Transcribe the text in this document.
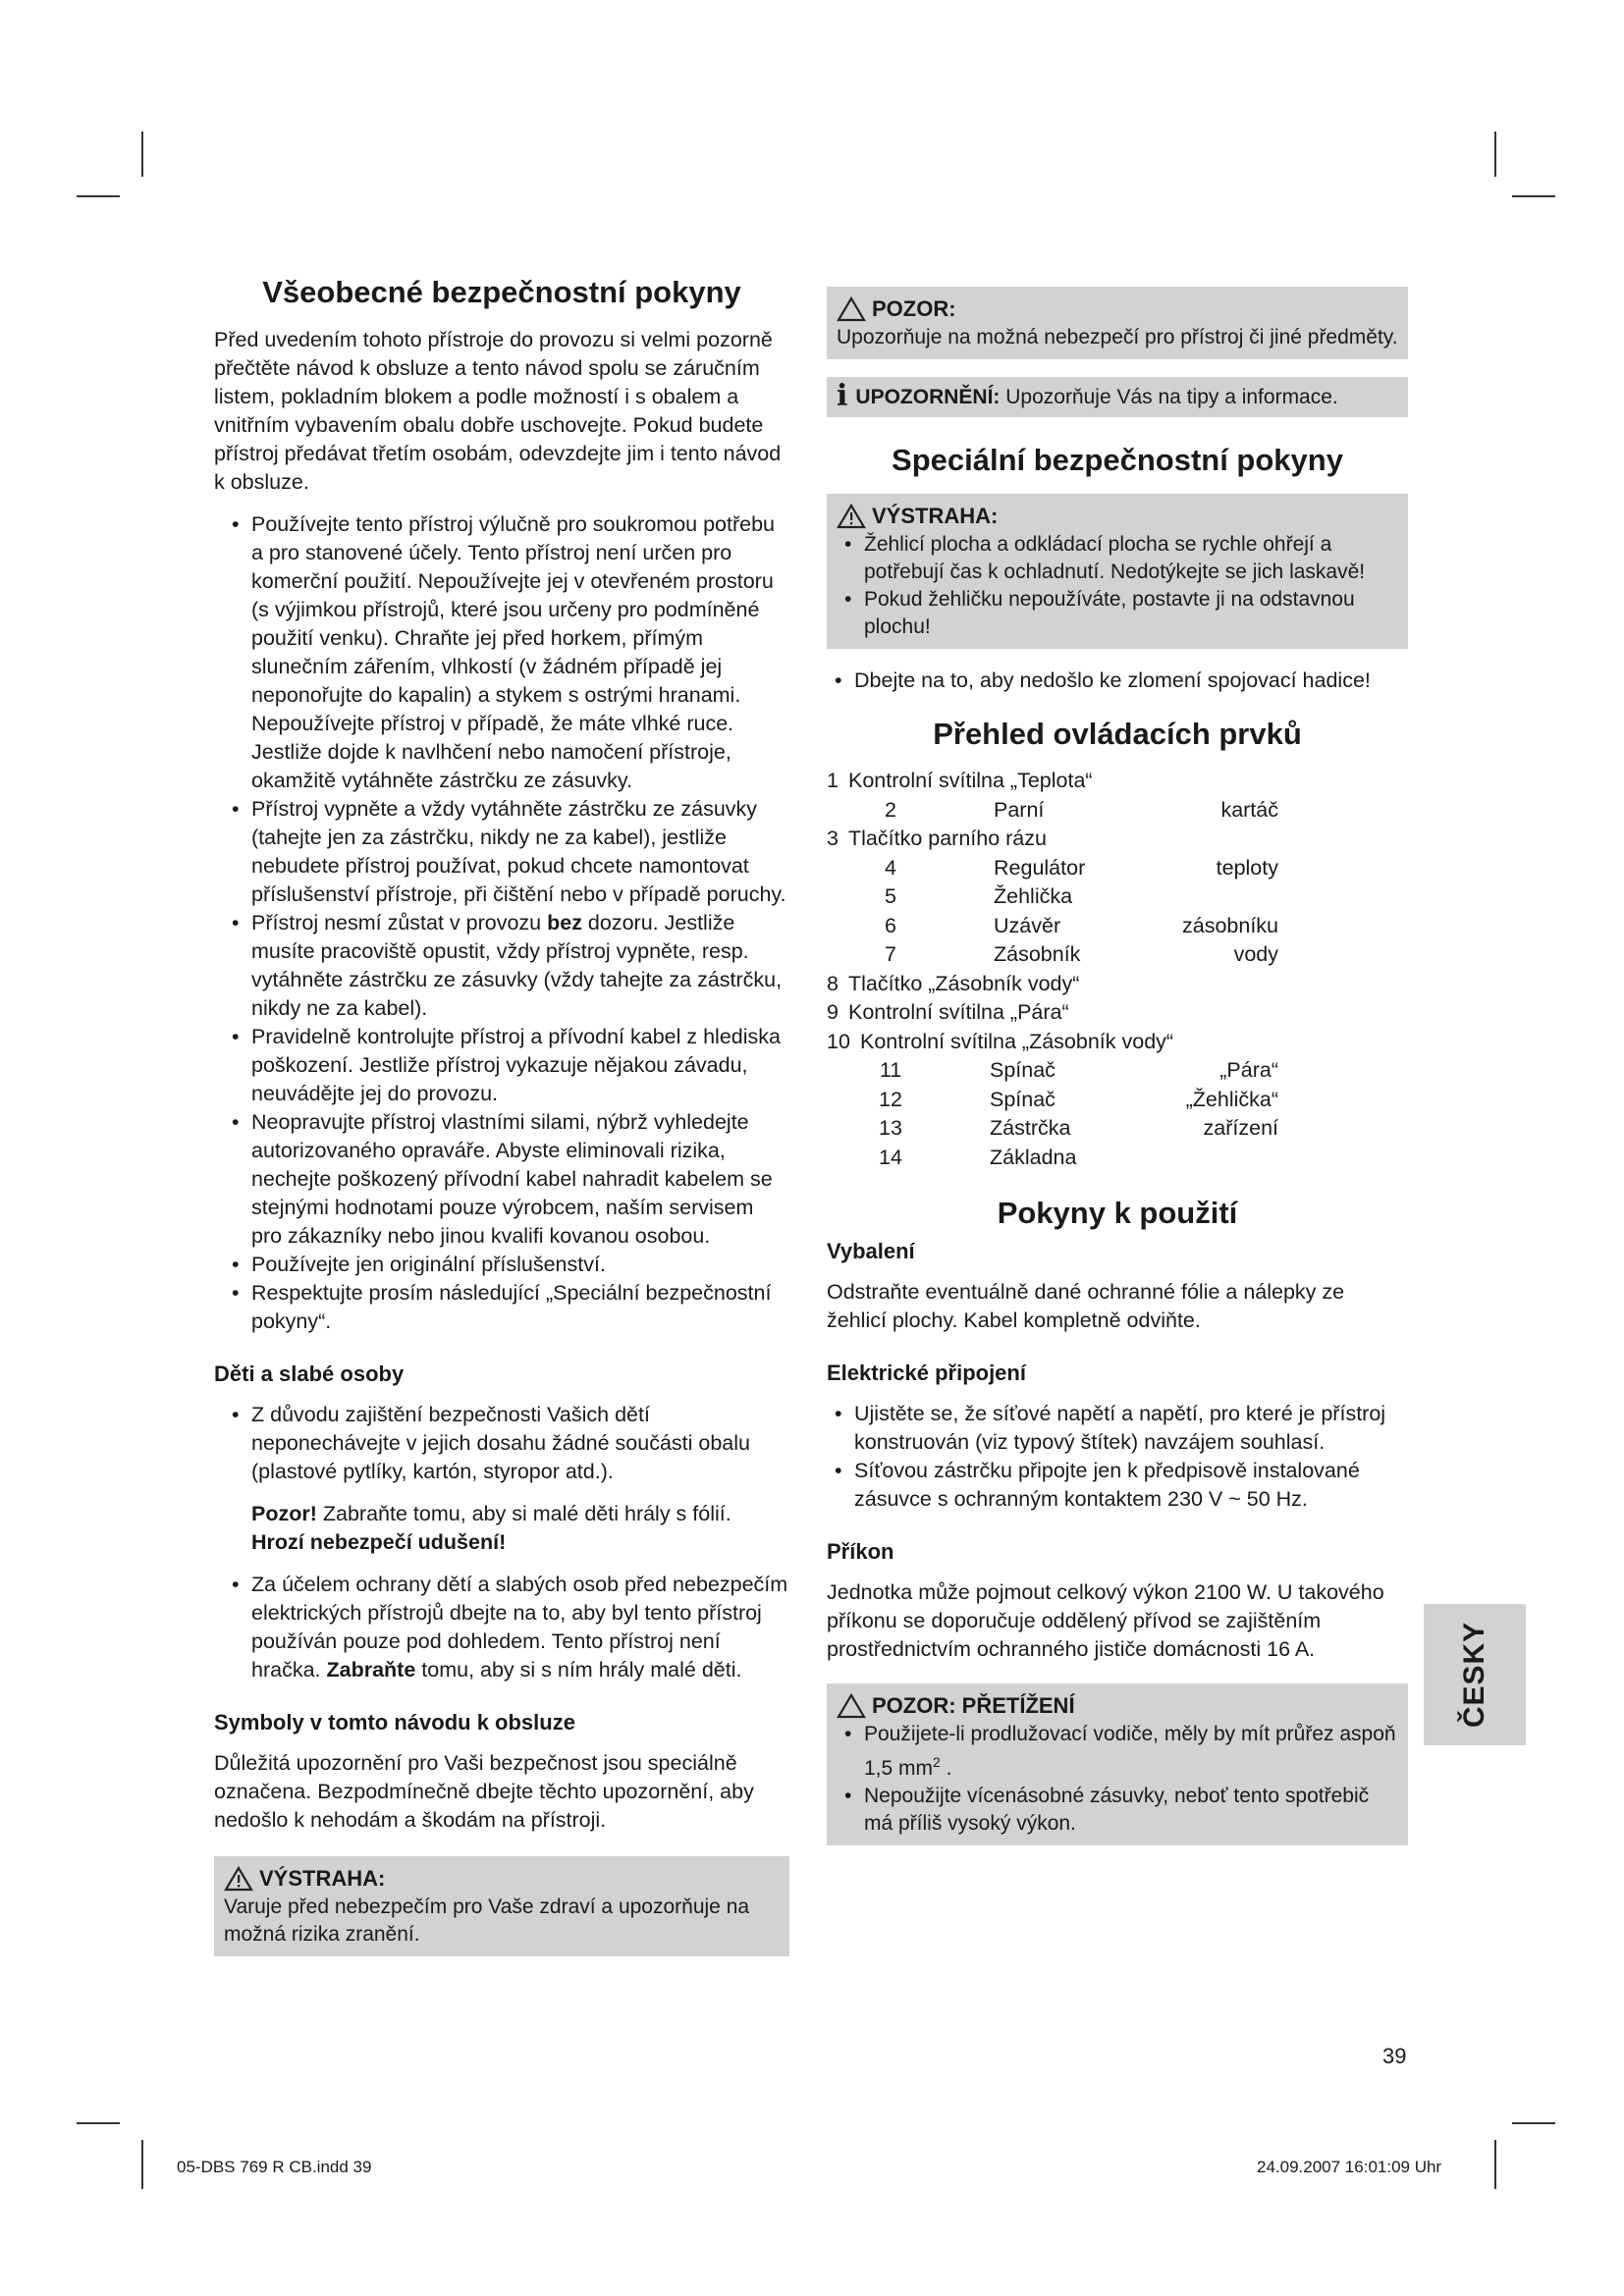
Všeobecné bezpečnostní pokyny

Před uvedením tohoto přístroje do provozu si velmi pozorně přečtěte návod k obsluze a tento návod spolu se záručním listem, pokladním blokem a podle možností i s obalem a vnitřním vybavením obalu dobře uschovejte. Pokud budete přístroj předávat třetím osobám, odevzdejte jim i tento návod k obsluze.

• Používejte tento přístroj výlučně pro soukromou potřebu a pro stanovené účely. Tento přístroj není určen pro komerční použití. Nepoužívejte jej v otevřeném prostoru (s výjimkou přístrojů, které jsou určeny pro podmíněné použití venku). Chraňte jej před horkem, přímým slunečním zářením, vlhkostí (v žádném případě jej neponořujte do kapalin) a stykem s ostrými hranami. Nepoužívejte přístroj v případě, že máte vlhké ruce. Jestliže dojde k navlhčení nebo namočení přístroje, okamžitě vytáhněte zástrčku ze zásuvky.
• Přístroj vypněte a vždy vytáhněte zástrčku ze zásuvky (tahejte jen za zástrčku, nikdy ne za kabel), jestliže nebudete přístroj používat, pokud chcete namontovat příslušenství přístroje, při čištění nebo v případě poruchy.
• Přístroj nesmí zůstat v provozu bez dozoru. Jestliže musíte pracoviště opustit, vždy přístroj vypněte, resp. vytáhněte zástrčku ze zásuvky (vždy tahejte za zástrčku, nikdy ne za kabel).
• Pravidelně kontrolujte přístroj a přívodní kabel z hlediska poškození. Jestliže přístroj vykazuje nějakou závadu, neuvádějte jej do provozu.
• Neopravujte přístroj vlastními silami, nýbrž vyhledejte autorizovaného opraváře. Abyste eliminovali rizika, nechejte poškozený přívodní kabel nahradit kabelem se stejnými hodnotami pouze výrobcem, naším servisem pro zákazníky nebo jinou kvalifi kovanou osobou.
• Používejte jen originální příslušenství.
• Respektujte prosím následující „Speciální bezpečnostní pokyny“.
Děti a slabé osoby
• Z důvodu zajištění bezpečnosti Vašich dětí neponechávejte v jejich dosahu žádné součásti obalu (plastové pytlíky, kartón, styropor atd.).

Pozor! Zabraňte tomu, aby si malé děti hrály s fólií. Hrozí nebezpečí udušení!

• Za účelem ochrany dětí a slabých osob před nebezpečím elektrických přístrojů dbejte na to, aby byl tento přístroj používán pouze pod dohledem. Tento přístroj není hračka. Zabraňte tomu, aby si s ním hrály malé děti.
Symboly v tomto návodu k obsluze

Důležitá upozornění pro Vaši bezpečnost jsou speciálně označena. Bezpodmínečně dbejte těchto upozornění, aby nedošlo k nehodám a škodám na přístroji.

VÝSTRAHA:

Varuje před nebezpečím pro Vaše zdraví a upozorňuje na možná rizika zranění.

POZOR:

Upozorňuje na možná nebezpečí pro přístroj či jiné předměty.

i UPOZORNĚNÍ: Upozorňuje Vás na tipy a informace.

Speciální bezpečnostní pokyny
VÝSTRAHA:
• Žehlicí plocha a odkládací plocha se rychle ohřejí a potřebují čas k ochladnutí. Nedotýkejte se jich laskavě!
• Pokud žehličku nepoužíváte, postavte ji na odstavnou plochu!
• Dbejte na to, aby nedošlo ke zlomení spojovací hadice!
Přehled ovládacích prvků
1 Kontrolní svítilna „Teplota“
2	Parní	kartáč
3 Tlačítko parního rázu
4	Regulátor	teploty
5	Žehlička
6	Uzávěr	zásobníku
7	Zásobník	vody
8 Tlačítko „Zásobník vody“
9 Kontrolní svítilna „Pára“
10 Kontrolní svítilna „Zásobník vody“
11	Spínač	„Pára“
12	Spínač	„Žehlička“
13	Zástrčka	zařízení
14	Základna
Pokyny k použití
Vybalení

Odstraňte eventuálně dané ochranné fólie a nálepky ze žehlicí plochy. Kabel kompletně odviňte.

Elektrické připojení
• Ujistěte se, že síťové napětí a napětí, pro které je přístroj konstruován (viz typový štítek) navzájem souhlasí.
• Síťovou zástrčku připojte jen k předpisově instalované zásuvce s ochranným kontaktem 230 V ~ 50 Hz.
Příkon

Jednotka může pojmout celkový výkon 2100 W. U takového příkonu se doporučuje oddělený přívod se zajištěním prostřednictvím ochranného jističe domácnosti 16 A.

POZOR: PŘETÍŽENÍ
• Použijete-li prodlužovací vodiče, měly by mít průřez aspoň 1,5 $mm^2$ .
• Nepoužijte vícenásobné zásuvky, neboť tento spotřebič má příliš vysoký výkon.
ČESKY
39
05-DBS 769 R CB.indd 39	24.09.2007 16:01:09 Uhr
